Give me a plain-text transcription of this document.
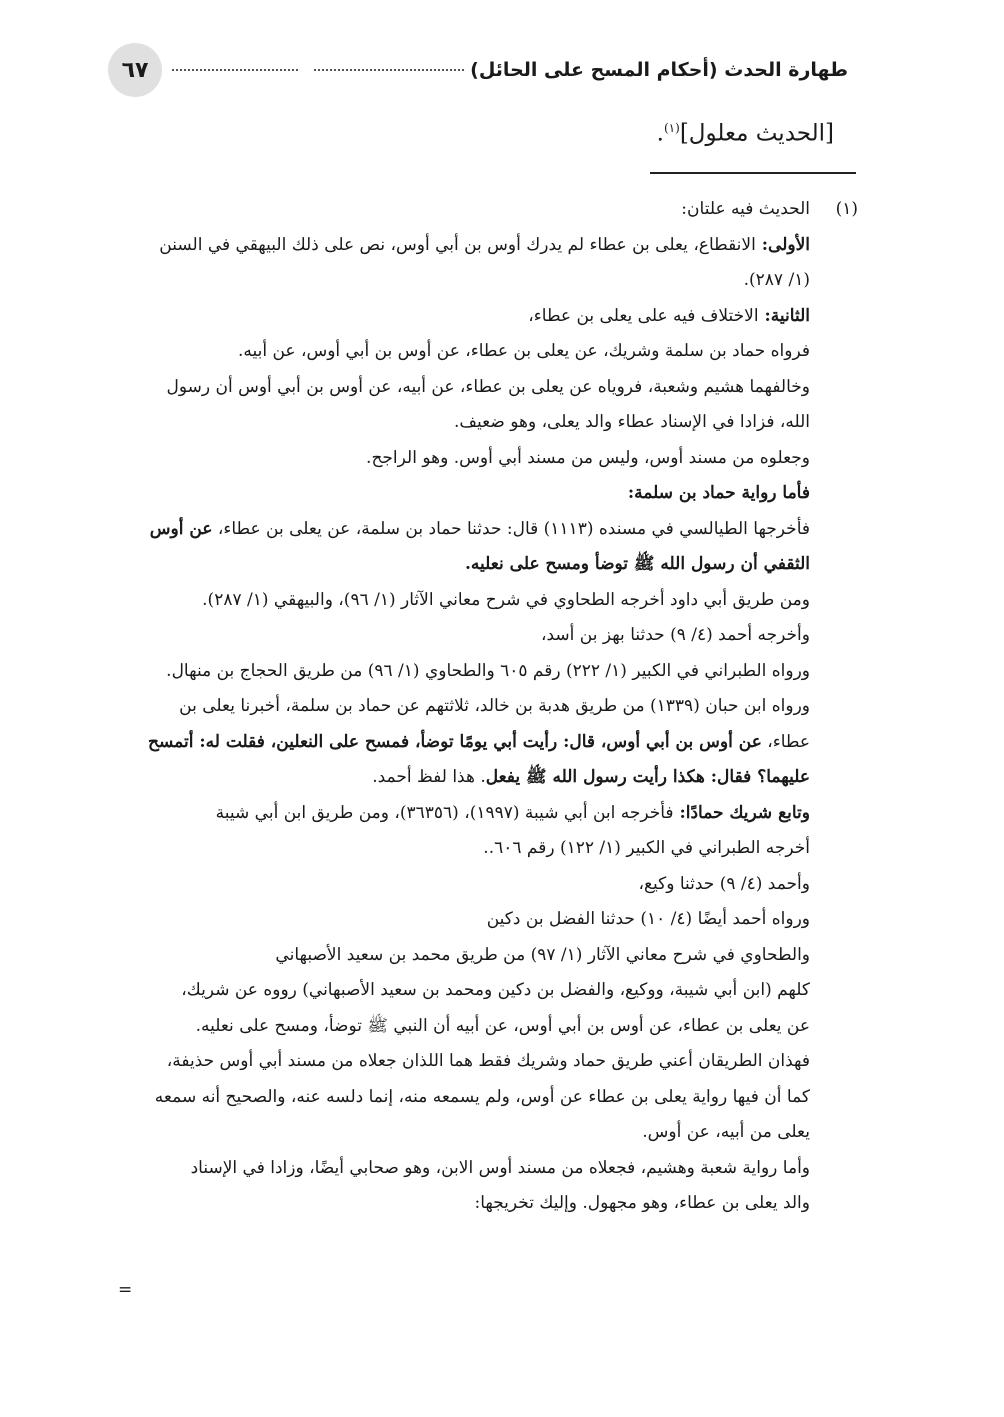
طهارة الحدث (أحكام المسح على الحائل)
٦٧
[الحديث معلول]$^{(١)}$.
(١)
الحديث فيه علتان:
الأولى: الانقطاع، يعلى بن عطاء لم يدرك أوس بن أبي أوس، نص على ذلك البيهقي في السنن
(١/ ٢٨٧).
الثانية: الاختلاف فيه على يعلى بن عطاء،
فرواه حماد بن سلمة وشريك، عن يعلى بن عطاء، عن أوس بن أبي أوس، عن أبيه.
وخالفهما هشيم وشعبة، فروياه عن يعلى بن عطاء، عن أبيه، عن أوس بن أبي أوس أن رسول
الله، فزادا في الإسناد عطاء والد يعلى، وهو ضعيف.
وجعلوه من مسند أوس، وليس من مسند أبي أوس. وهو الراجح.
فأما رواية حماد بن سلمة:
فأخرجها الطيالسي في مسنده (١١١٣) قال: حدثنا حماد بن سلمة، عن يعلى بن عطاء، عن أوس
الثقفي أن رسول الله ﷺ توضأ ومسح على نعليه.
ومن طريق أبي داود أخرجه الطحاوي في شرح معاني الآثار (١/ ٩٦)، والبيهقي (١/ ٢٨٧).
وأخرجه أحمد (٤/ ٩) حدثنا بهز بن أسد،
ورواه الطبراني في الكبير (١/ ٢٢٢) رقم ٦٠٥ والطحاوي (١/ ٩٦) من طريق الحجاج بن منهال.
ورواه ابن حبان (١٣٣٩) من طريق هدبة بن خالد، ثلاثتهم عن حماد بن سلمة، أخبرنا يعلى بن
عطاء، عن أوس بن أبي أوس، قال: رأيت أبي يومًا توضأ، فمسح على النعلين، فقلت له: أتمسح
عليهما؟ فقال: هكذا رأيت رسول الله ﷺ يفعل. هذا لفظ أحمد.
وتابع شريك حمادًا: فأخرجه ابن أبي شيبة (١٩٩٧)، (٣٦٣٥٦)، ومن طريق ابن أبي شيبة
أخرجه الطبراني في الكبير (١/ ١٢٢) رقم ٦٠٦..
وأحمد (٤/ ٩) حدثنا وكيع،
ورواه أحمد أيضًا (٤/ ١٠) حدثنا الفضل بن دكين
والطحاوي في شرح معاني الآثار (١/ ٩٧) من طريق محمد بن سعيد الأصبهاني
كلهم (ابن أبي شيبة، ووكيع، والفضل بن دكين ومحمد بن سعيد الأصبهاني) رووه عن شريك،
عن يعلى بن عطاء، عن أوس بن أبي أوس، عن أبيه أن النبي ﷺ توضأ، ومسح على نعليه.
فهذان الطريقان أعني طريق حماد وشريك فقط هما اللذان جعلاه من مسند أبي أوس حذيفة،
كما أن فيها رواية يعلى بن عطاء عن أوس، ولم يسمعه منه، إنما دلسه عنه، والصحيح أنه سمعه
يعلى من أبيه، عن أوس.
وأما رواية شعبة وهشيم، فجعلاه من مسند أوس الابن، وهو صحابي أيضًا، وزادا في الإسناد
والد يعلى بن عطاء، وهو مجهول. وإليك تخريجها:
=
